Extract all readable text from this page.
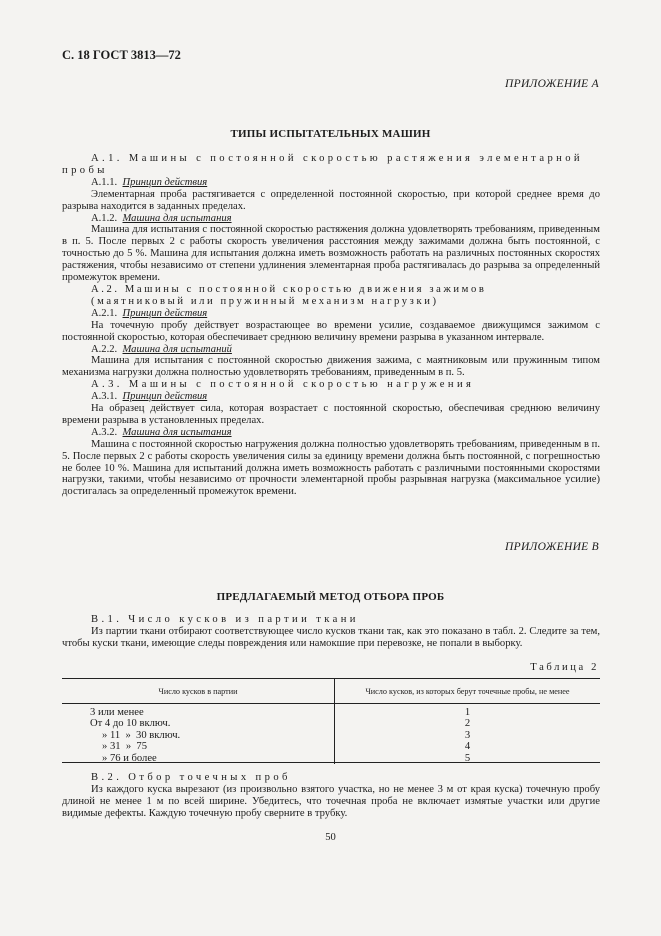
С. 18 ГОСТ 3813—72
ПРИЛОЖЕНИЕ А
ТИПЫ ИСПЫТАТЕЛЬНЫХ МАШИН

А.1. Машины с постоянной скоростью растяжения элементарной пробы

А.1.1. Принцип действия

Элементарная проба растягивается с определенной постоянной скоростью, при которой среднее время до разрыва находится в заданных пределах.

А.1.2. Машина для испытания

Машина для испытания с постоянной скоростью растяжения должна удовлетворять требованиям, приведенным в п. 5. После первых 2 с работы скорость увеличения расстояния между зажимами должна быть постоянной, с точностью до 5 %. Машина для испытания должна иметь возможность работать на различных постоянных скоростях растяжения, чтобы независимо от степени удлинения элементарная проба растягивалась до разрыва за определенный промежуток времени.

А.2. Машины с постоянной скоростью движения зажимов

(маятниковый или пружинный механизм нагрузки)

А.2.1. Принцип действия

На точечную пробу действует возрастающее во времени усилие, создаваемое движущимся зажимом с постоянной скоростью, которая обеспечивает среднюю величину времени разрыва в указанном интервале.

А.2.2. Машина для испытаний

Машина для испытания с постоянной скоростью движения зажима, с маятниковым или пружинным типом механизма нагрузки должна полностью удовлетворять требованиям, приведенным в п. 5.

А.3. Машины с постоянной скоростью нагружения

А.3.1. Принцип действия

На образец действует сила, которая возрастает с постоянной скоростью, обеспечивая среднюю величину времени разрыва в установленных пределах.

А.3.2. Машина для испытания

Машина с постоянной скоростью нагружения должна полностью удовлетворять требованиям, приведенным в п. 5. После первых 2 с работы скорость увеличения силы за единицу времени должна быть постоянной, с погрешностью не более 10 %. Машина для испытаний должна иметь возможность работать с различными постоянными скоростями нагрузки, такими, чтобы независимо от прочности элементарной пробы разрывная нагрузка (максимальное усилие) достигалась за определенный промежуток времени.

ПРИЛОЖЕНИЕ В
ПРЕДЛАГАЕМЫЙ МЕТОД ОТБОРА ПРОБ

В.1. Число кусков из партии ткани

Из партии ткани отбирают соответствующее число кусков ткани так, как это показано в табл. 2. Следите за тем, чтобы куски ткани, имеющие следы повреждения или намокшие при перевозке, не попали в выборку.

Таблица 2
Число кусков в партии	Число кусков, из которых берут точечные пробы, не менее
3 или менее	1
От 4 до 10 включ.	2
» 11  »  30 включ.	3
» 31  »  75	4
» 76 и более	5

В.2. Отбор точечных проб

Из каждого куска вырезают (из произвольно взятого участка, но не менее 3 м от края куска) точечную пробу длиной не менее 1 м по всей ширине. Убедитесь, что точечная проба не включает измятые участки или другие видимые дефекты. Каждую точечную пробу сверните в трубку.

50
